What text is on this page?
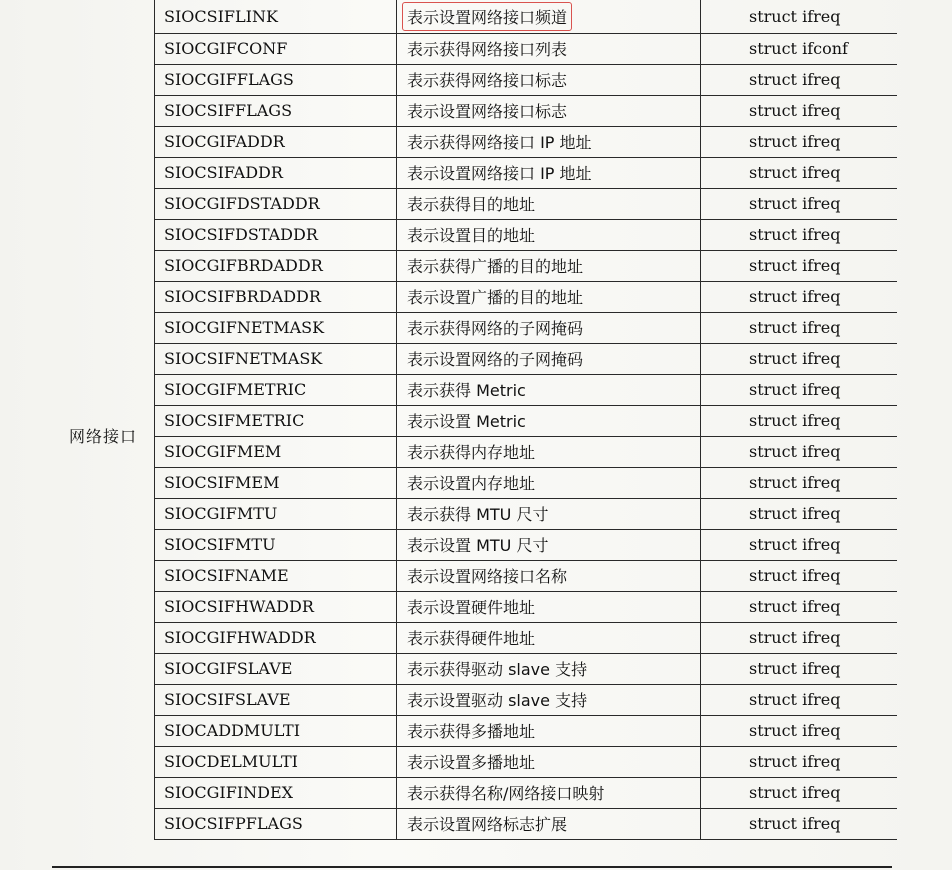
网络接口
SIOCSIFLINK	表示设置网络接口频道	struct ifreq
SIOCGIFCONF	表示获得网络接口列表	struct ifconf
SIOCGIFFLAGS	表示获得网络接口标志	struct ifreq
SIOCSIFFLAGS	表示设置网络接口标志	struct ifreq
SIOCGIFADDR	表示获得网络接口 IP 地址	struct ifreq
SIOCSIFADDR	表示设置网络接口 IP 地址	struct ifreq
SIOCGIFDSTADDR	表示获得目的地址	struct ifreq
SIOCSIFDSTADDR	表示设置目的地址	struct ifreq
SIOCGIFBRDADDR	表示获得广播的目的地址	struct ifreq
SIOCSIFBRDADDR	表示设置广播的目的地址	struct ifreq
SIOCGIFNETMASK	表示获得网络的子网掩码	struct ifreq
SIOCSIFNETMASK	表示设置网络的子网掩码	struct ifreq
SIOCGIFMETRIC	表示获得 Metric	struct ifreq
SIOCSIFMETRIC	表示设置 Metric	struct ifreq
SIOCGIFMEM	表示获得内存地址	struct ifreq
SIOCSIFMEM	表示设置内存地址	struct ifreq
SIOCGIFMTU	表示获得 MTU 尺寸	struct ifreq
SIOCSIFMTU	表示设置 MTU 尺寸	struct ifreq
SIOCSIFNAME	表示设置网络接口名称	struct ifreq
SIOCSIFHWADDR	表示设置硬件地址	struct ifreq
SIOCGIFHWADDR	表示获得硬件地址	struct ifreq
SIOCGIFSLAVE	表示获得驱动 slave 支持	struct ifreq
SIOCSIFSLAVE	表示设置驱动 slave 支持	struct ifreq
SIOCADDMULTI	表示获得多播地址	struct ifreq
SIOCDELMULTI	表示设置多播地址	struct ifreq
SIOCGIFINDEX	表示获得名称/网络接口映射	struct ifreq
SIOCSIFPFLAGS	表示设置网络标志扩展	struct ifreq
